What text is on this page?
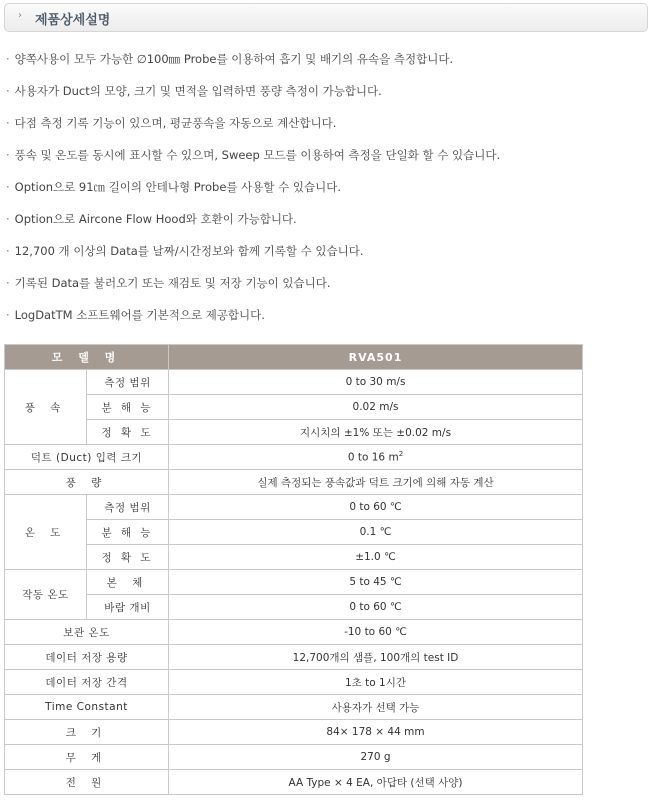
› 제품상세설명
· 양쪽사용이 모두 가능한 ∅100㎜ Probe를 이용하여 흡기 및 배기의 유속을 측정합니다.
· 사용자가 Duct의 모양, 크기 및 면적을 입력하면 풍량 측정이 가능합니다.
· 다점 측정 기록 기능이 있으며, 평균풍속을 자동으로 계산합니다.
· 풍속 및 온도를 동시에 표시할 수 있으며, Sweep 모드를 이용하여 측정을 단일화 할 수 있습니다.
· Option으로 91㎝ 길이의 안테나형 Probe를 사용할 수 있습니다.
· Option으로 Aircone Flow Hood와 호환이 가능합니다.
· 12,700 개 이상의 Data를 날짜/시간정보와 함께 기록할 수 있습니다.
· 기록된 Data를 불러오기 또는 재검토 및 저장 기능이 있습니다.
· LogDatTM 소프트웨어를 기본적으로 제공합니다.
모 델 명		RVA501
풍 속	측정 범위	0 to 30 m/s
	분 해 능	0.02 m/s
	정 확 도	지시치의 ±1% 또는 ±0.02 m/s
덕트 (Duct) 입력 크기		0 to 16 $m^2$
풍 량		실제 측정되는 풍속값과 덕트 크기에 의해 자동 계산
온 도	측정 범위	0 to 60 ℃
	분 해 능	0.1 ℃
	정 확 도	±1.0 ℃
작동 온도	본 체	5 to 45 ℃
	바람 개비	0 to 60 ℃
보관 온도		-10 to 60 ℃
데이터 저장 용량		12,700개의 샘플, 100개의 test ID
데이터 저장 간격		1초 to 1시간
Time Constant		사용자가 선택 가능
크 기		84× 178 × 44 mm
무 게		270 g
전 원		AA Type × 4 EA, 아답타 (선택 사양)
